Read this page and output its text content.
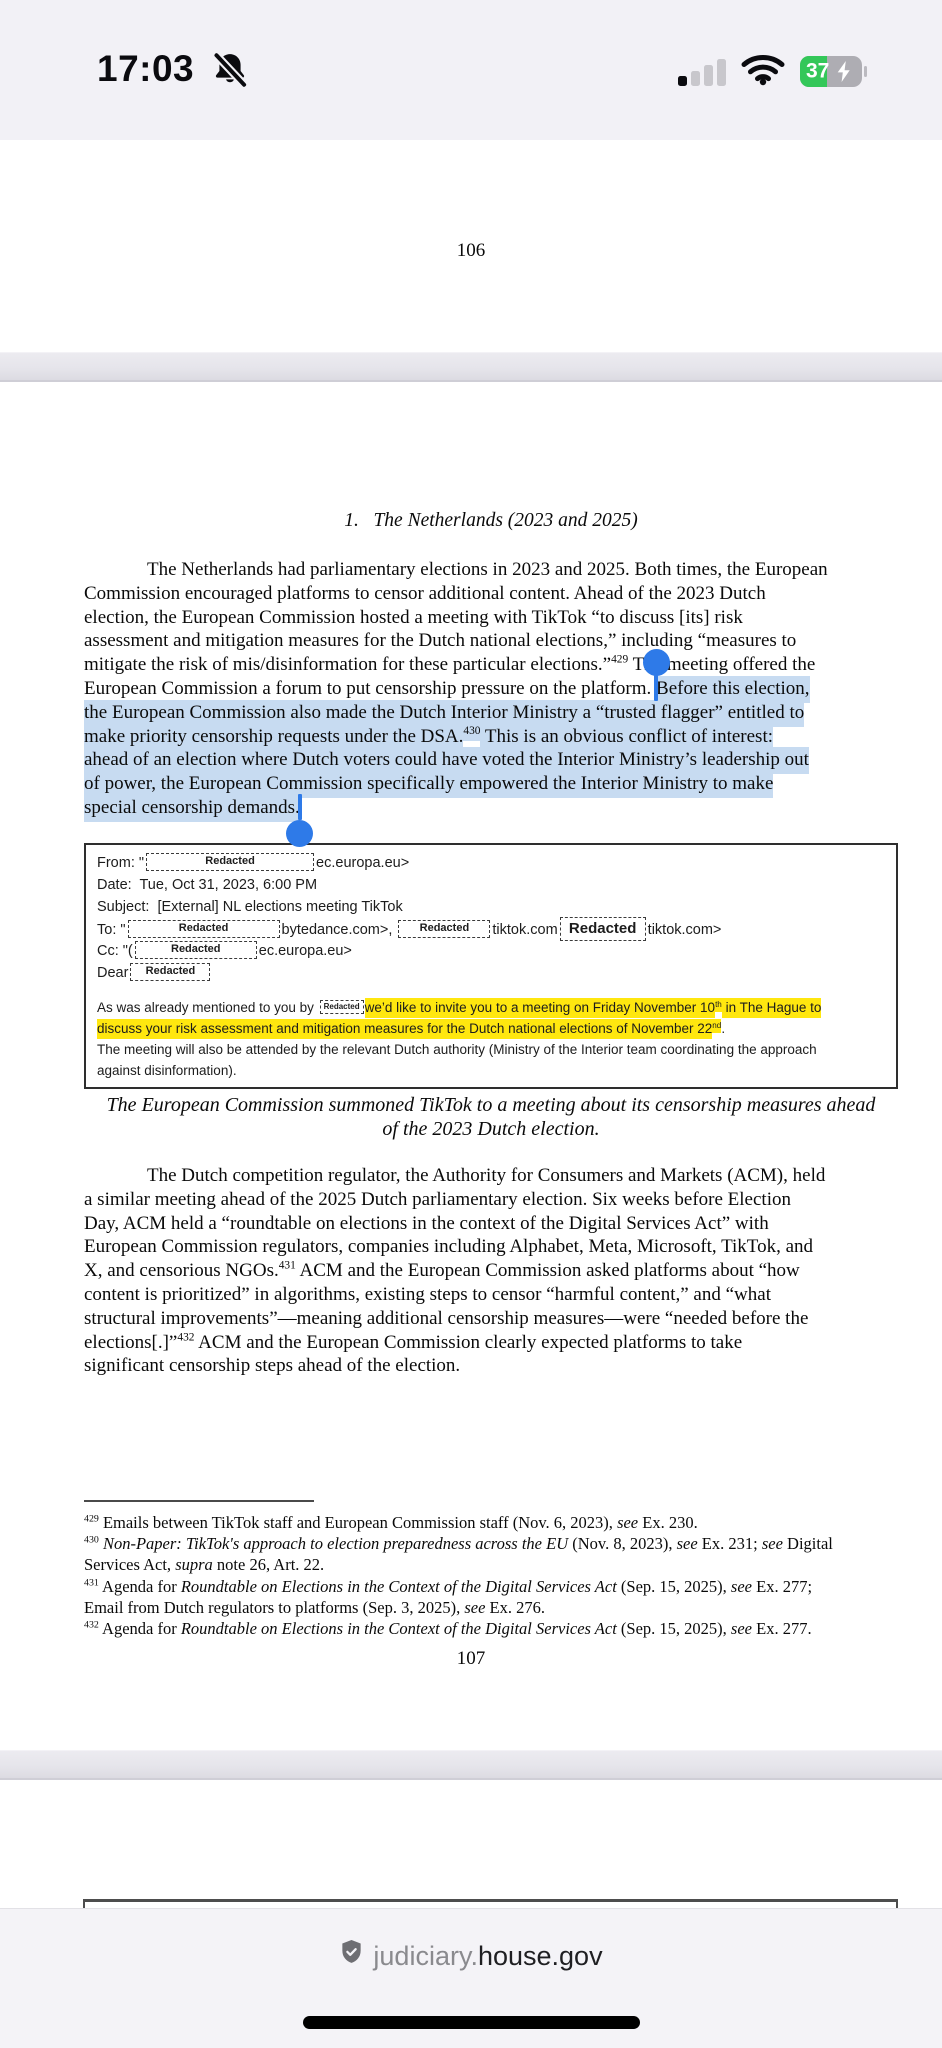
17:03	37
106
1.   The Netherlands (2023 and 2025)
The Netherlands had parliamentary elections in 2023 and 2025. Both times, the European
Commission encouraged platforms to censor additional content. Ahead of the 2023 Dutch
election, the European Commission hosted a meeting with TikTok “to discuss [its] risk
assessment and mitigation measures for the Dutch national elections,” including “measures to
mitigate the risk of mis/disinformation for these particular elections.”$^{429}$ The meeting offered the
European Commission a forum to put censorship pressure on the platform. Before this election,
the European Commission also made the Dutch Interior Ministry a “trusted flagger” entitled to
make priority censorship requests under the DSA.$^{430}$ This is an obvious conflict of interest:
ahead of an election where Dutch voters could have voted the Interior Ministry’s leadership out
of power, the European Commission specifically empowered the Interior Ministry to make
special censorship demands.
From: "	Redacted	ec.europa.eu>
Date:  Tue, Oct 31, 2023, 6:00 PM
Subject:  [External] NL elections meeting TikTok
To: "	Redacted	bytedance.com>, Redacted tiktok.com Redacted tiktok.com>
Cc: "(	Redacted	ec.europa.eu>
Dear Redacted
As was already mentioned to you by Redacted we’d like to invite you to a meeting on Friday November 10th in The Hague to
discuss your risk assessment and mitigation measures for the Dutch national elections of November 22nd.
The meeting will also be attended by the relevant Dutch authority (Ministry of the Interior team coordinating the approach
against disinformation).
The European Commission summoned TikTok to a meeting about its censorship measures ahead
of the 2023 Dutch election.
The Dutch competition regulator, the Authority for Consumers and Markets (ACM), held
a similar meeting ahead of the 2025 Dutch parliamentary election. Six weeks before Election
Day, ACM held a “roundtable on elections in the context of the Digital Services Act” with
European Commission regulators, companies including Alphabet, Meta, Microsoft, TikTok, and
X, and censorious NGOs.$^{431}$ ACM and the European Commission asked platforms about “how
content is prioritized” in algorithms, existing steps to censor “harmful content,” and “what
structural improvements”—meaning additional censorship measures—were “needed before the
elections[.]”$^{432}$ ACM and the European Commission clearly expected platforms to take
significant censorship steps ahead of the election.
$^{429}$ Emails between TikTok staff and European Commission staff (Nov. 6, 2023), see Ex. 230.
$^{430}$ Non-Paper: TikTok's approach to election preparedness across the EU (Nov. 8, 2023), see Ex. 231; see Digital
Services Act, supra note 26, Art. 22.
$^{431}$ Agenda for Roundtable on Elections in the Context of the Digital Services Act (Sep. 15, 2025), see Ex. 277;
Email from Dutch regulators to platforms (Sep. 3, 2025), see Ex. 276.
$^{432}$ Agenda for Roundtable on Elections in the Context of the Digital Services Act (Sep. 15, 2025), see Ex. 277.
107
judiciary.house.gov
